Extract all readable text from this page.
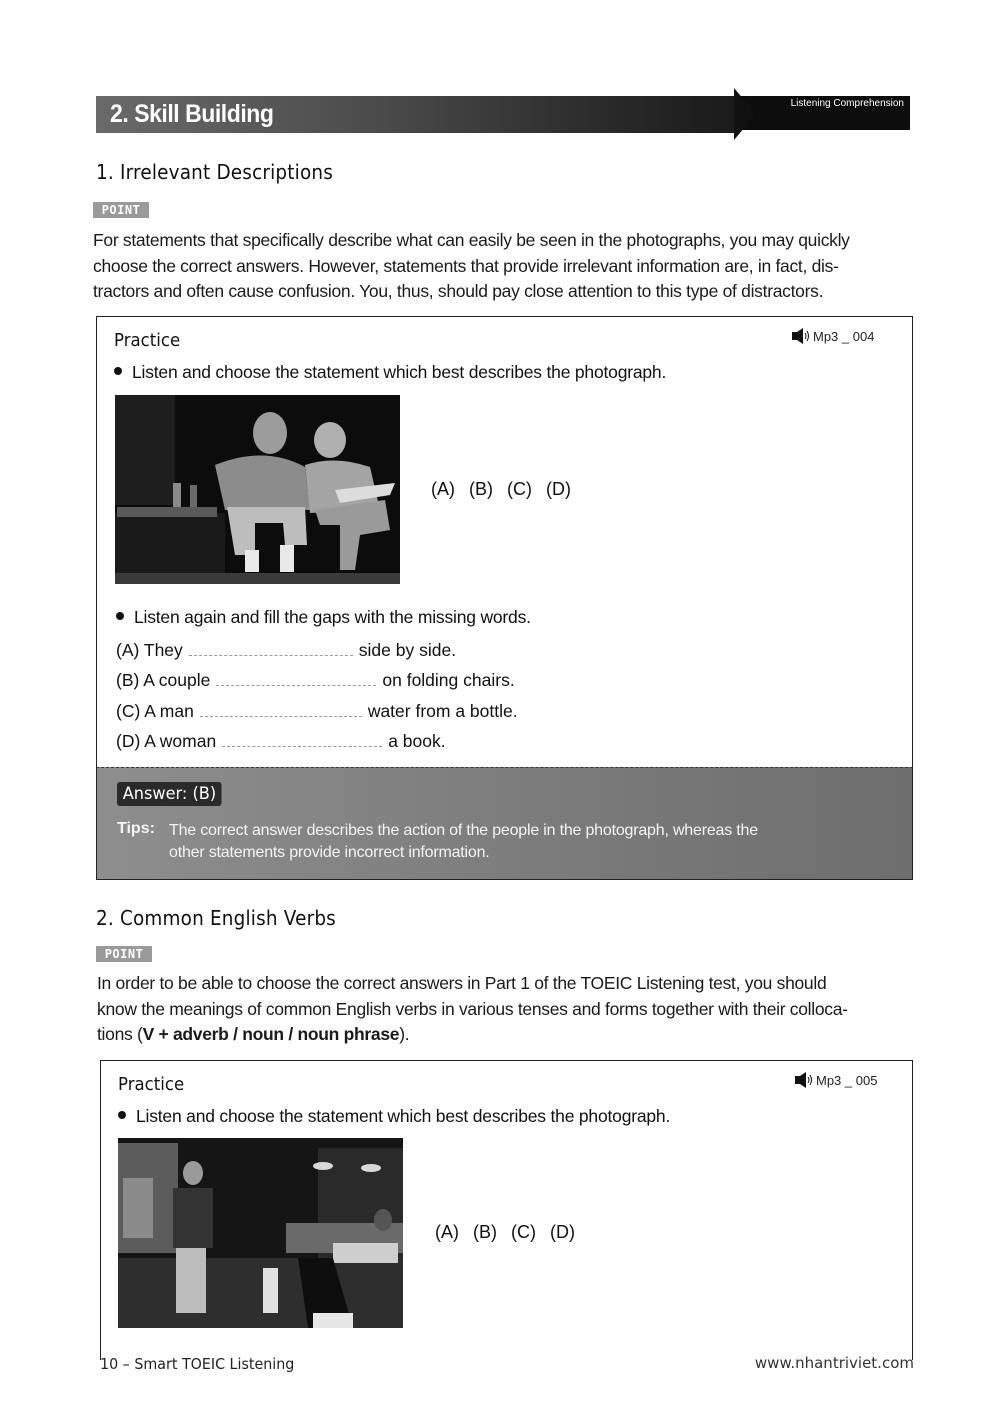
2. Skill Building	Listening Comprehension
1. Irrelevant Descriptions
POINT
For statements that specifically describe what can easily be seen in the photographs, you may quickly
choose the correct answers. However, statements that provide irrelevant information are, in fact, dis-
tractors and often cause confusion. You, thus, should pay close attention to this type of distractors.
Practice	Mp3 _ 004
Listen and choose the statement which best describes the photograph.
(A) (B) (C) (D)
Listen again and fill the gaps with the missing words.
(A) They	side by side.
(B) A couple	on folding chairs.
(C) A man	water from a bottle.
(D) A woman	a book.
Answer: (B)
Tips: The correct answer describes the action of the people in the photograph, whereas the
other statements provide incorrect information.
2. Common English Verbs
POINT
In order to be able to choose the correct answers in Part 1 of the TOEIC Listening test, you should
know the meanings of common English verbs in various tenses and forms together with their colloca-
tions (V + adverb / noun / noun phrase).
Practice	Mp3 _ 005
Listen and choose the statement which best describes the photograph.
(A) (B) (C) (D)
10 – Smart TOEIC Listening	www.nhantriviet.com
